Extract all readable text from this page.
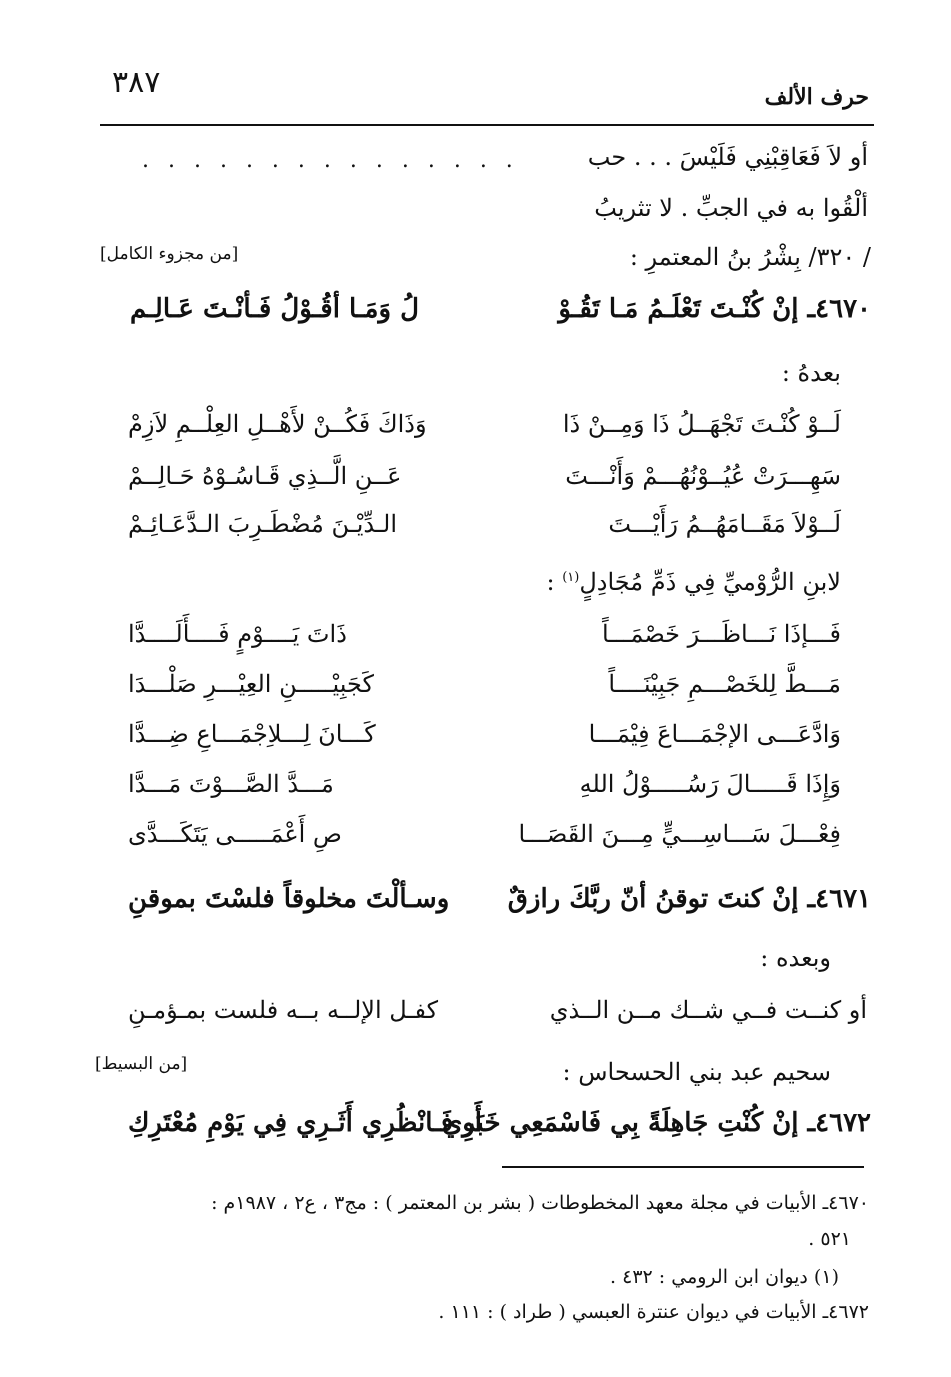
٣٨٧	حرف الألف
أو لاَ فَعَاقِبْنِي فَلَيْسَ . . . حب
. . . . . . . . . . . . . . .
ألْقُوا به في الجبِّ . لا تثريبُ
/ ٣٢٠/ بِشْرُ بنُ المعتمرِ :
[من مجزوء الكامل]
٤٦٧٠ـ إنْ كُنْـتَ تَعْلَـمُ مَـا تَقُـوْ
لُ وَمَـا أقُـوْلُ فَـأنْـتَ عَـالِـم
بعدهُ :
لَــوْ كُنْـتَ تَجْهَــلُ ذَا وَمِــنْ ذَا
وَذَاكَ فَكُــنْ لأَهْــلِ العِلْــمِ لاَزِمْ
سَهِـــرَتْ عُيُــوْنُهُـــمْ وَأَنْـــتَ
عَــنِ الَّــذِي قَـاسُـوْهُ حَـالِــمْ
لَــوْلاَ مَقَــامَهُــمُ رَأَيْـــتَ
الـدِّيْـنَ مُضْطَـرِبَ الـدَّعَـائِـمْ
لابنِ الرُّوْميِّ فِي ذَمِّ مُجَادِلٍ$^{(١)}$ :
فَـــإذَا نَـــاظَـــرَ خَصْمَـــاً
ذَاتَ يَــــوْمٍ فَــــأَلَــــدَّا
مَـــطَّ لِلخَصْـــمِ جَبِيْنَــــاً
كَجَبِيْـــــنِ العِيْـــرِ صَلْـــدَا
وَادَّعَـــى الإجْمَـــاعَ فِيْمَـــا
كَـــانَ لِـــلاِجْمَـــاعِ ضِـــدَّا
وَإِذَا قَـــــالَ رَسُـــــوْلُ اللهِ
مَـــدَّ الصَّـــوْتَ مَـــدَّا
فِعْـــلَ سَـــاسِـــيٍّ مِـــنَ القَصَـــا
صِ أَعْمَـــــى يَتَكَـــدَّى
٤٦٧١ـ إنْ كنتَ توقنُ أنّ ربَّكَ رازقٌ
وسـألْتَ مخلوقاً فلسْتَ بموقنِ
وبعده :
أو كنــت فــي شــك مــن الــذي
كفـل الإلــه بــه فلست بمـؤمـنِ
سحيم عبد بني الحسحاس :
[من البسيط]
٤٦٧٢ـ إنْ كُنْتِ جَاهِلَةً بِي فَاسْمَعِي خَبَرِي
أَو فَـانْظُرِي أَثَـرِي فِي يَوْمِ مُعْتَرِكِ
٤٦٧٠ـ الأبيات في مجلة معهد المخطوطات ( بشر بن المعتمر ) : مج٣ ، ع٢ ، ١٩٨٧م :
٥٢١ .
(١) ديوان ابن الرومي : ٤٣٢ .
٤٦٧٢ـ الأبيات في ديوان عنترة العبسي ( طراد ) : ١١١ .
